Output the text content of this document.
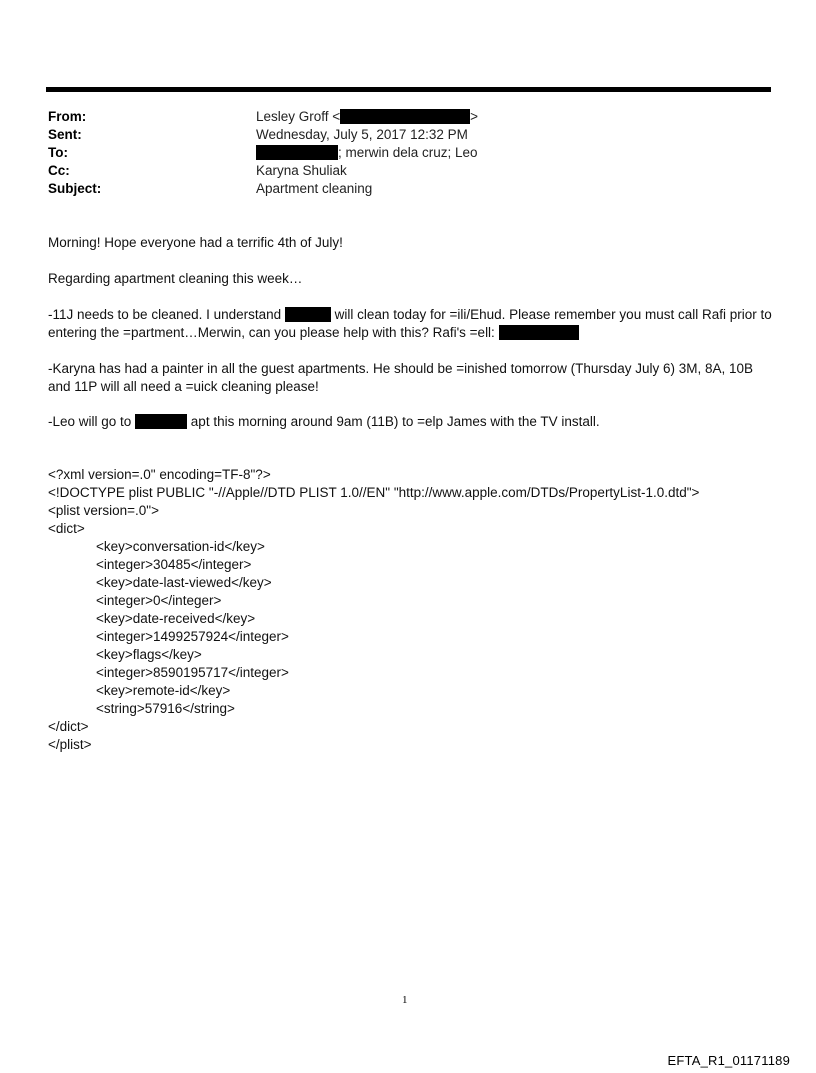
From:	Lesley Groff <	>
Sent:	Wednesday, July 5, 2017 12:32 PM
To:	; merwin dela cruz; Leo
Cc:	Karyna Shuliak
Subject:	Apartment cleaning
Morning! Hope everyone had a terrific 4th of July!
Regarding apartment cleaning this week…
-11J needs to be cleaned. I understand	will clean today for =ili/Ehud. Please remember you must call Rafi prior to entering the =partment…Merwin, can you please help with this? Rafi's =ell:
-Karyna has had a painter in all the guest apartments. He should be =inished tomorrow (Thursday July 6) 3M, 8A, 10B and 11P will all need a =uick cleaning please!
-Leo will go to	apt this morning around 9am (11B) to =elp James with the TV install.
<?xml version=.0" encoding=TF-8"?>
<!DOCTYPE plist PUBLIC "-//Apple//DTD PLIST 1.0//EN" "http://www.apple.com/DTDs/PropertyList-1.0.dtd">
<plist version=.0">
<dict>
<key>conversation-id</key>
<integer>30485</integer>
<key>date-last-viewed</key>
<integer>0</integer>
<key>date-received</key>
<integer>1499257924</integer>
<key>flags</key>
<integer>8590195717</integer>
<key>remote-id</key>
<string>57916</string>
</dict>
</plist>
1
EFTA_R1_01171189
